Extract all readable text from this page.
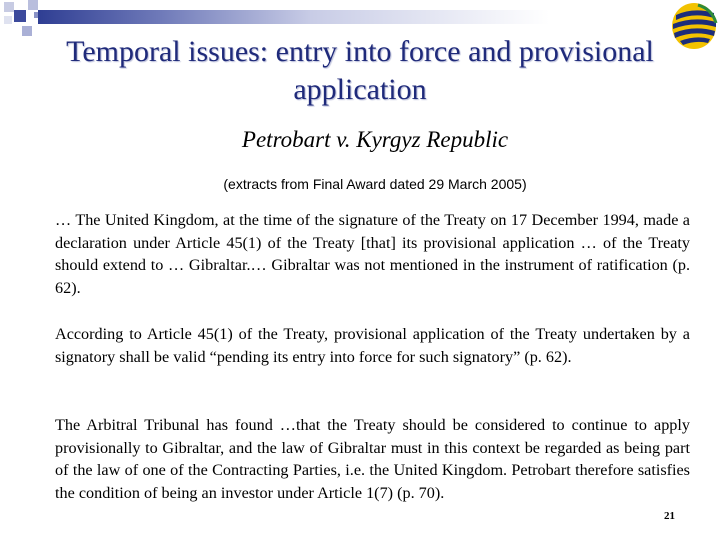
Temporal issues: entry into force and provisional application
Petrobart v. Kyrgyz Republic
(extracts from Final Award dated 29 March 2005)
… The United Kingdom, at the time of the signature of the Treaty on 17 December 1994, made a declaration under Article 45(1) of the Treaty [that] its provisional application … of the Treaty should extend to … Gibraltar.… Gibraltar was not mentioned in the instrument of ratification (p. 62).
According to Article 45(1) of the Treaty, provisional application of the Treaty undertaken by a signatory shall be valid “pending its entry into force for such signatory” (p. 62).
The Arbitral Tribunal has found …that the Treaty should be considered to continue to apply provisionally to Gibraltar, and the law of Gibraltar must in this context be regarded as being part of the law of one of the Contracting Parties, i.e. the United Kingdom. Petrobart therefore satisfies the condition of being an investor under Article 1(7) (p. 70).
21
